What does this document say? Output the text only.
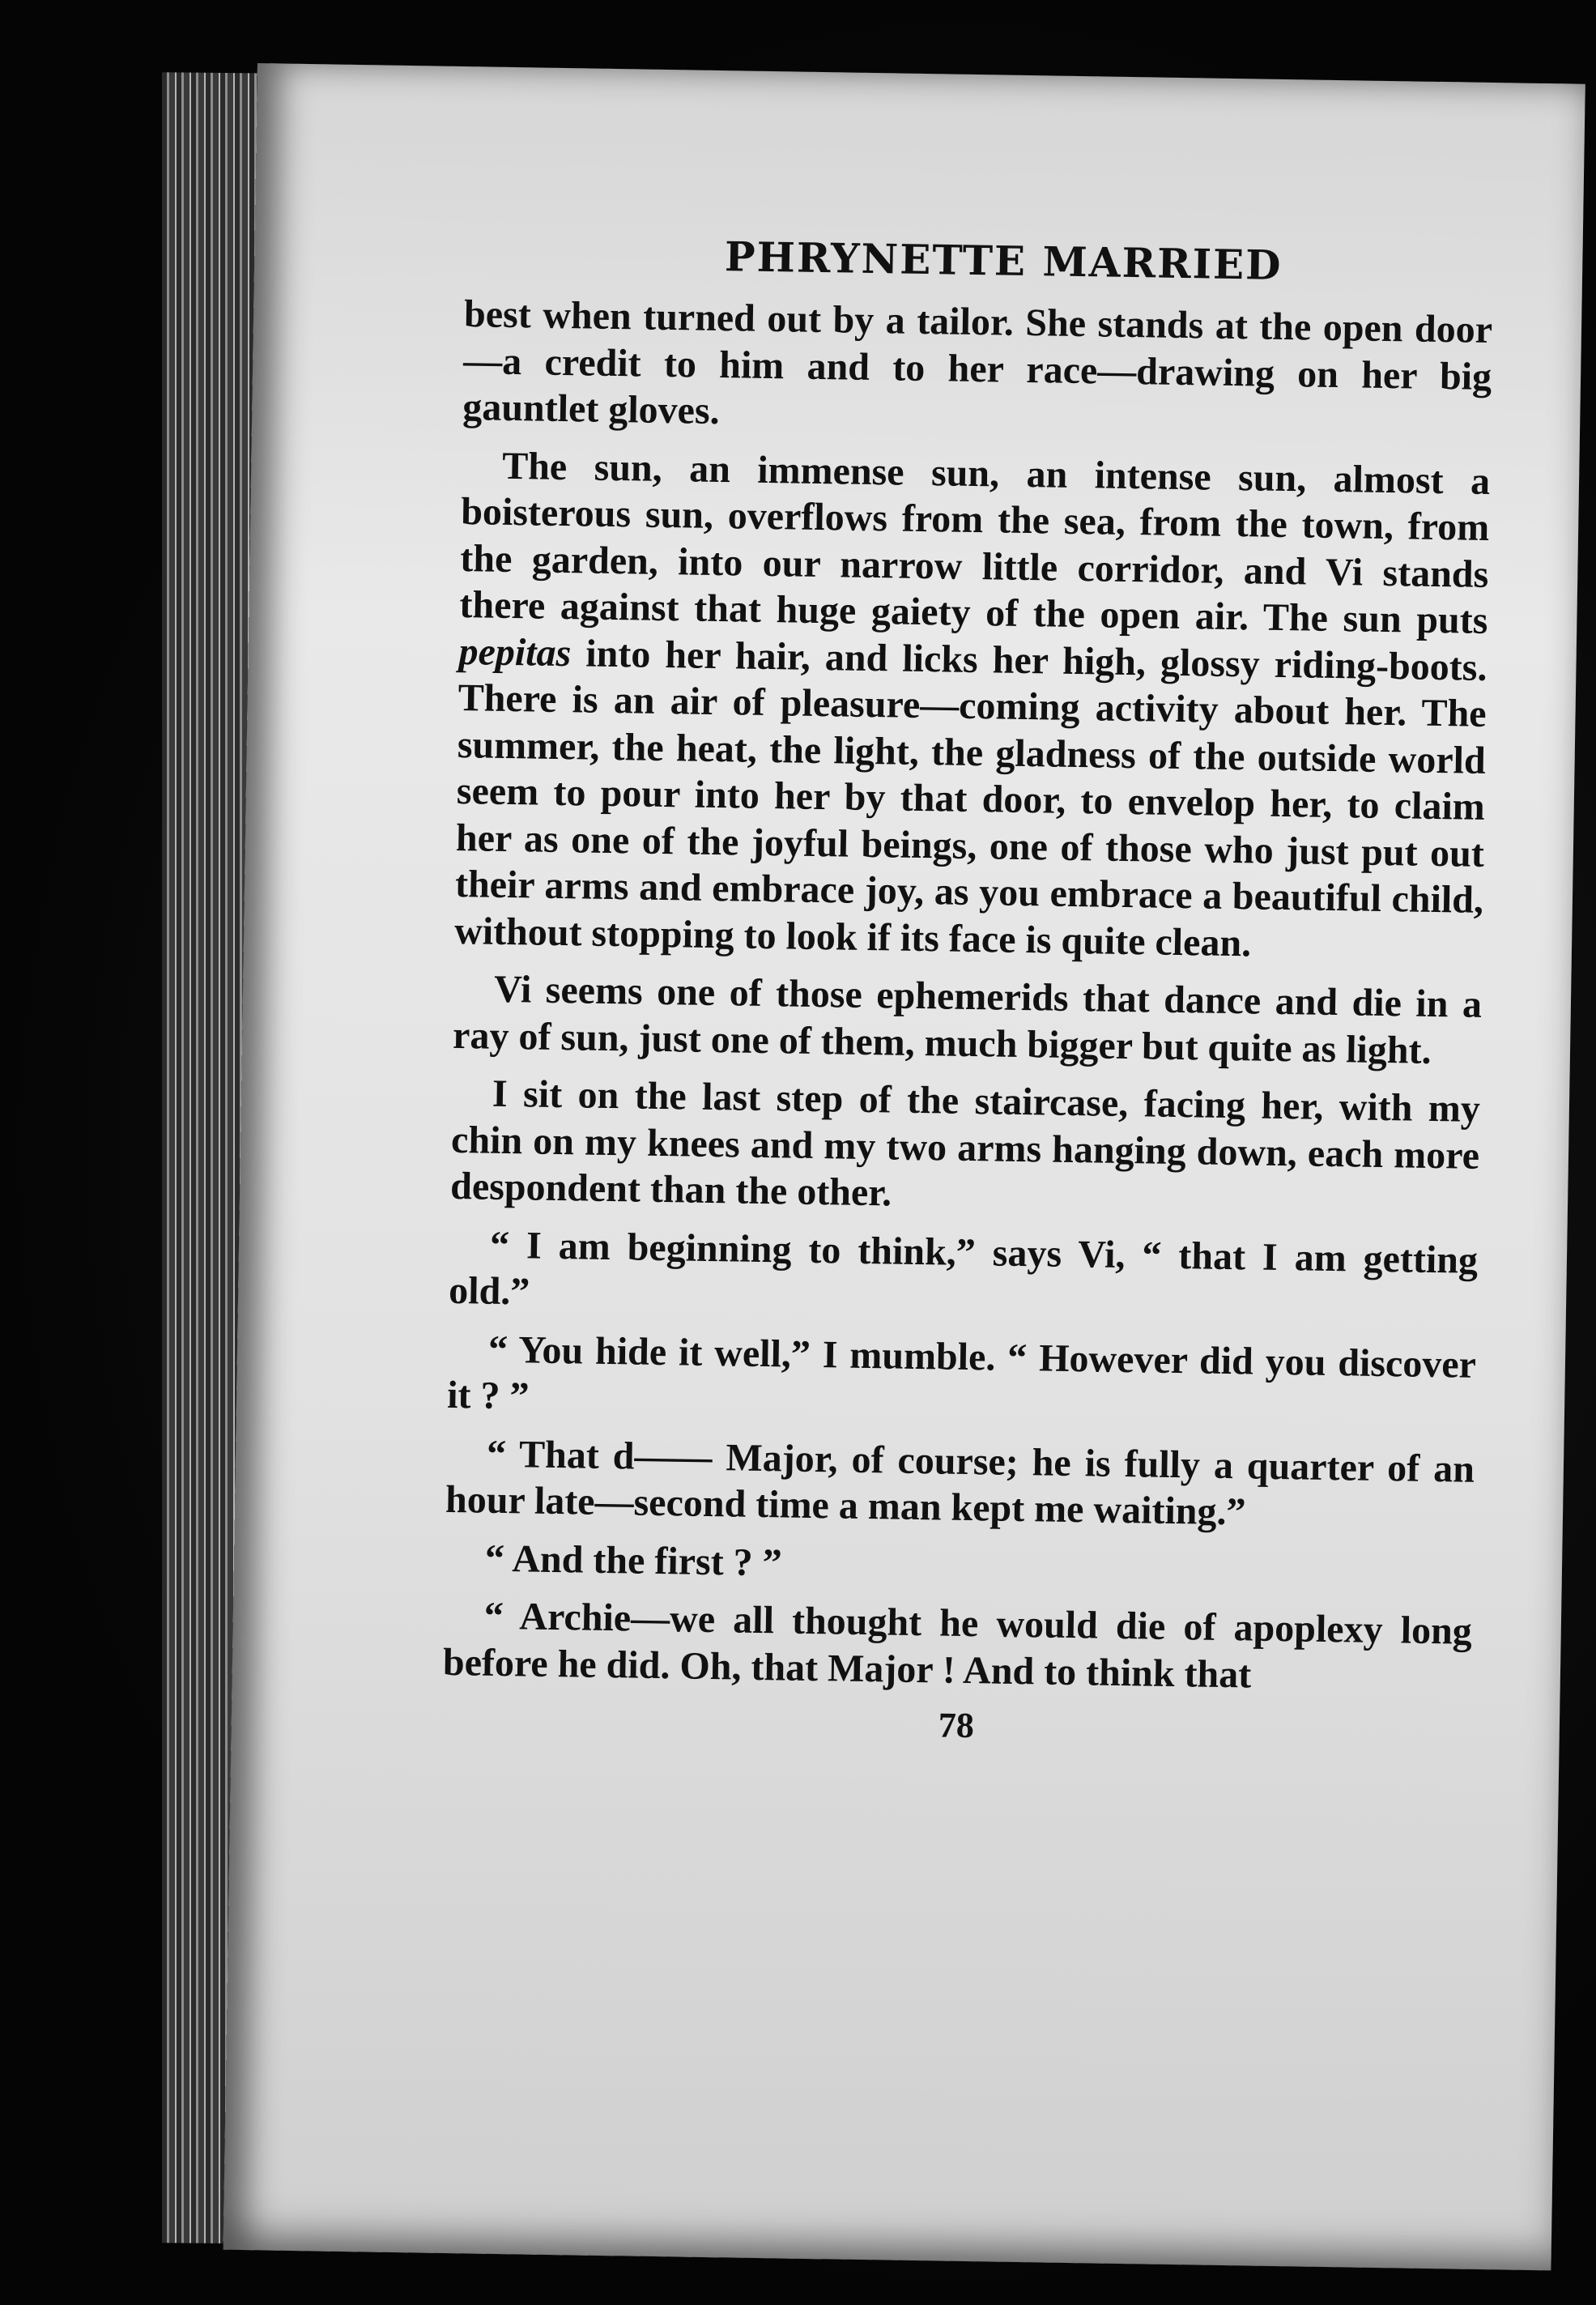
PHRYNETTE MARRIED

best when turned out by a tailor. She stands at the open door—a credit to him and to her race—drawing on her big gauntlet gloves.

The sun, an immense sun, an intense sun, almost a boisterous sun, overflows from the sea, from the town, from the garden, into our narrow little corridor, and Vi stands there against that huge gaiety of the open air. The sun puts pepitas into her hair, and licks her high, glossy riding-boots. There is an air of pleasure—coming activity about her. The summer, the heat, the light, the gladness of the outside world seem to pour into her by that door, to envelop her, to claim her as one of the joyful beings, one of those who just put out their arms and embrace joy, as you embrace a beautiful child, without stopping to look if its face is quite clean.

Vi seems one of those ephemerids that dance and die in a ray of sun, just one of them, much bigger but quite as light.

I sit on the last step of the staircase, facing her, with my chin on my knees and my two arms hanging down, each more despondent than the other.

“ I am beginning to think,” says Vi, “ that I am getting old.”

“ You hide it well,” I mumble. “ However did you discover it ? ”

“ That d—— Major, of course; he is fully a quarter of an hour late—second time a man kept me waiting.”

“ And the first ? ”

“ Archie—we all thought he would die of apoplexy long before he did. Oh, that Major ! And to think that

78
